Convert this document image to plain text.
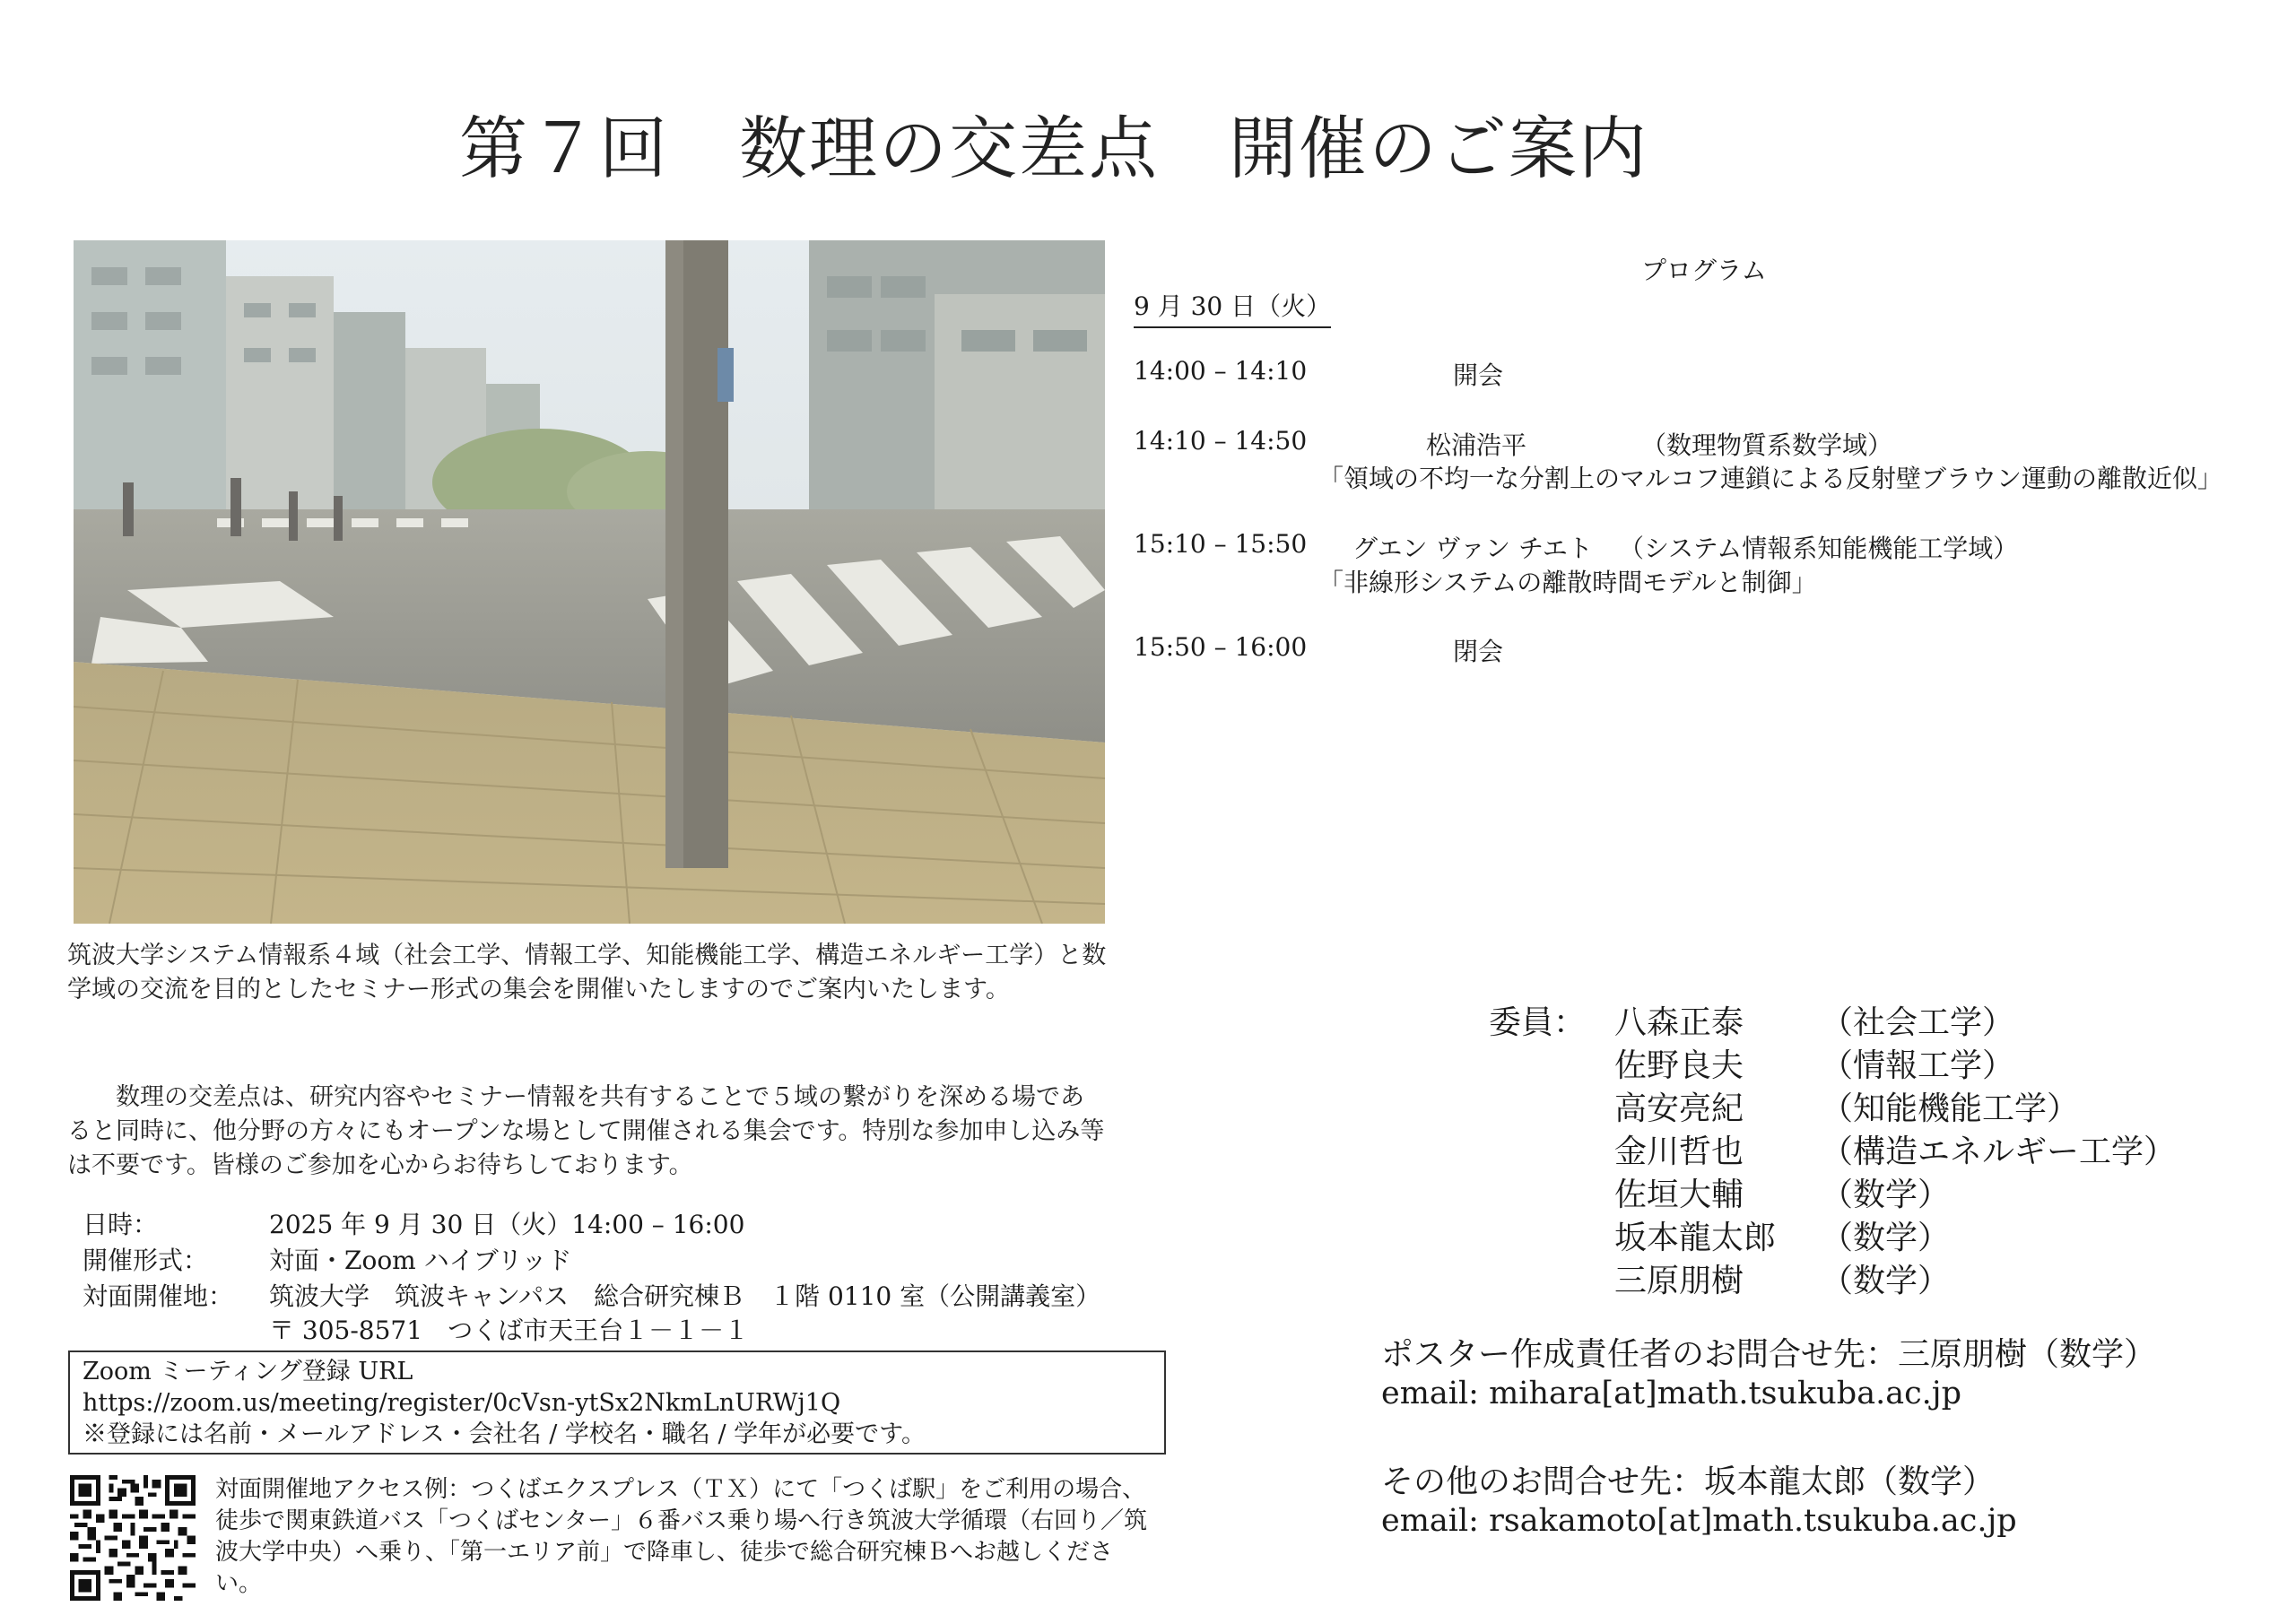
第７回　数理の交差点　開催のご案内
筑波大学システム情報系４域（社会工学、情報工学、知能機能工学、構造エネルギー工学）と数学域の交流を目的としたセミナー形式の集会を開催いたしますのでご案内いたします。
数理の交差点は、研究内容やセミナー情報を共有することで５域の繋がりを深める場であると同時に、他分野の方々にもオープンな場として開催される集会です。特別な参加申し込み等は不要です。皆様のご参加を心からお待ちしております。
日時：	2025 年 9 月 30 日（火）14:00 – 16:00
開催形式： 対面・Zoom ハイブリッド
対面開催地： 筑波大学　筑波キャンパス　総合研究棟Ｂ　１階 0110 室（公開講義室）
〒 305-8571　つくば市天王台１－１－１
Zoom ミーティング登録 URL
https://zoom.us/meeting/register/0cVsn-ytSx2NkmLnURWj1Q
※登録には名前・メールアドレス・会社名 / 学校名・職名 / 学年が必要です。
対面開催地アクセス例：つくばエクスプレス（ＴＸ）にて「つくば駅」をご利用の場合、徒歩で関東鉄道バス「つくばセンター」６番バス乗り場へ行き筑波大学循環（右回り／筑波大学中央）へ乗り、「第一エリア前」で降車し、徒歩で総合研究棟Ｂへお越しください。
プログラム
9 月 30 日（火）
14:00 – 14:10	開会
14:10 – 14:50	松浦浩平	（数理物質系数学域）
「領域の不均一な分割上のマルコフ連鎖による反射壁ブラウン運動の離散近似」
15:10 – 15:50 グエン ヴァン チエト （システム情報系知能機能工学域）
「非線形システムの離散時間モデルと制御」
15:50 – 16:00	閉会
委員： 八森正泰 （社会工学）
佐野良夫 （情報工学）
高安亮紀 （知能機能工学）
金川哲也 （構造エネルギー工学）
佐垣大輔 （数学）
坂本龍太郎 （数学）
三原朋樹 （数学）
ポスター作成責任者のお問合せ先：三原朋樹（数学）
email: mihara[at]math.tsukuba.ac.jp
その他のお問合せ先：坂本龍太郎（数学）
email: rsakamoto[at]math.tsukuba.ac.jp
